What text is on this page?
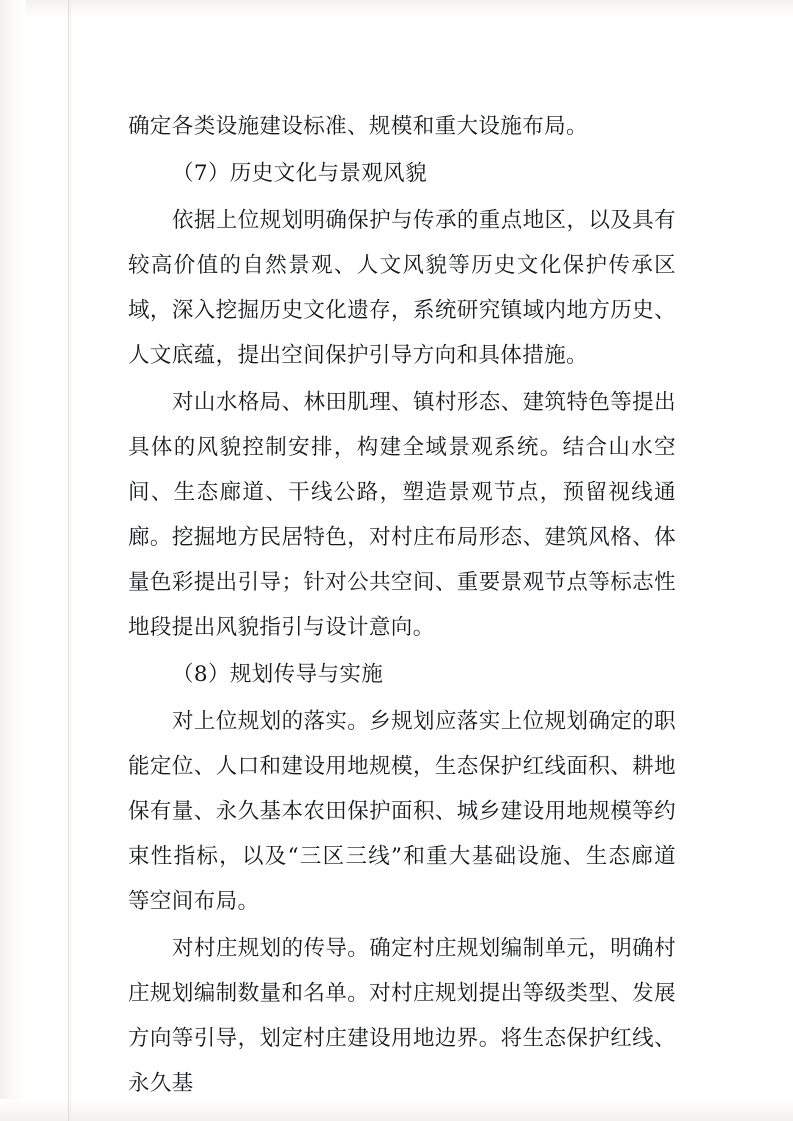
确定各类设施建设标准、规模和重大设施布局。

（7）历史文化与景观风貌

依据上位规划明确保护与传承的重点地区，以及具有较高价值的自然景观、人文风貌等历史文化保护传承区域，深入挖掘历史文化遗存，系统研究镇域内地方历史、人文底蕴，提出空间保护引导方向和具体措施。

对山水格局、林田肌理、镇村形态、建筑特色等提出具体的风貌控制安排，构建全域景观系统。结合山水空间、生态廊道、干线公路，塑造景观节点，预留视线通廊。挖掘地方民居特色，对村庄布局形态、建筑风格、体量色彩提出引导；针对公共空间、重要景观节点等标志性地段提出风貌指引与设计意向。

（8）规划传导与实施

对上位规划的落实。乡规划应落实上位规划确定的职能定位、人口和建设用地规模，生态保护红线面积、耕地保有量、永久基本农田保护面积、城乡建设用地规模等约束性指标，以及“三区三线”和重大基础设施、生态廊道等空间布局。

对村庄规划的传导。确定村庄规划编制单元，明确村庄规划编制数量和名单。对村庄规划提出等级类型、发展方向等引导，划定村庄建设用地边界。将生态保护红线、永久基
